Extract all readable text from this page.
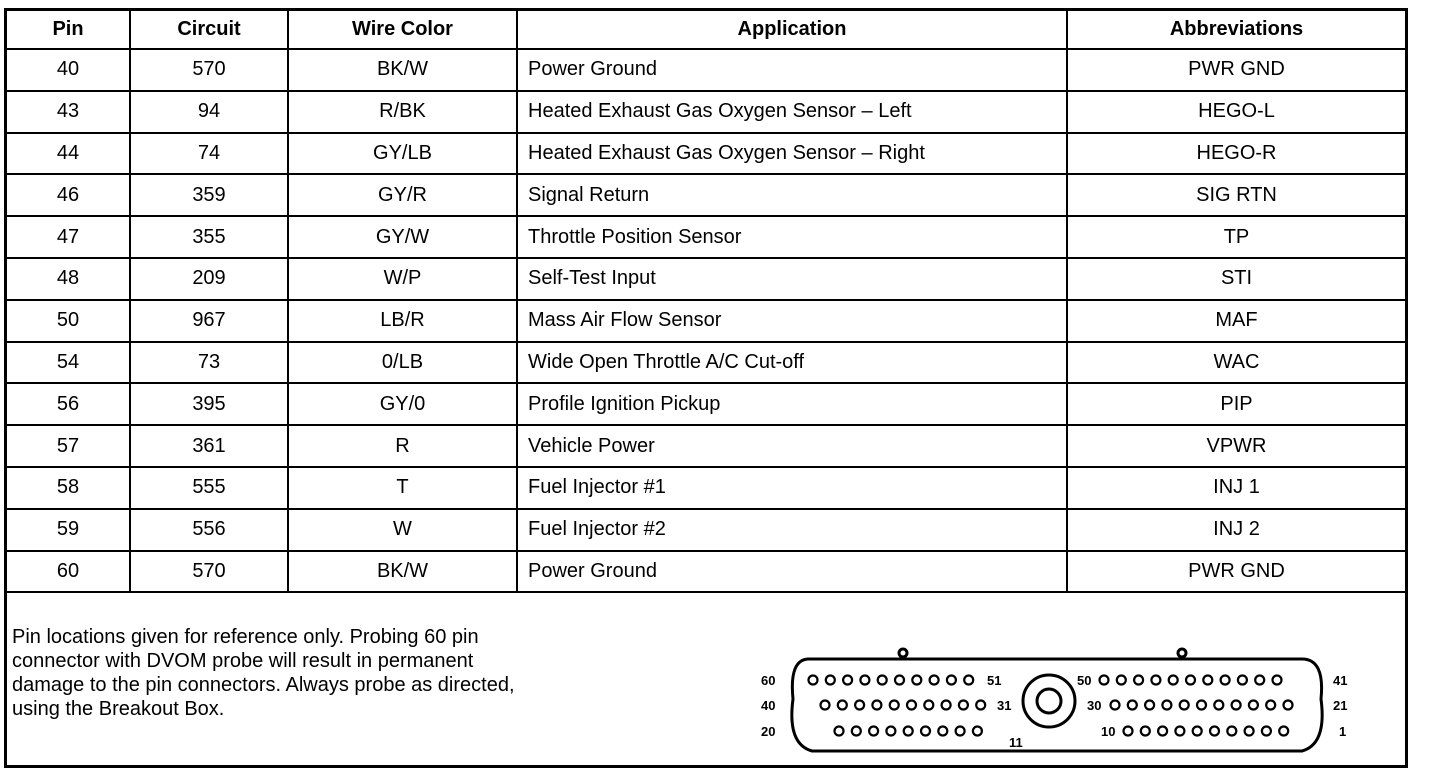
Pin	Circuit	Wire Color	Application	Abbreviations
40	570	BK/W	Power Ground	PWR GND
43	94	R/BK	Heated Exhaust Gas Oxygen Sensor – Left	HEGO-L
44	74	GY/LB	Heated Exhaust Gas Oxygen Sensor – Right	HEGO-R
46	359	GY/R	Signal Return	SIG RTN
47	355	GY/W	Throttle Position Sensor	TP
48	209	W/P	Self-Test Input	STI
50	967	LB/R	Mass Air Flow Sensor	MAF
54	73	0/LB	Wide Open Throttle A/C Cut-off	WAC
56	395	GY/0	Profile Ignition Pickup	PIP
57	361	R	Vehicle Power	VPWR
58	555	T	Fuel Injector #1	INJ 1
59	556	W	Fuel Injector #2	INJ 2
60	570	BK/W	Power Ground	PWR GND
Pin locations given for reference only. Probing 60 pin
connector with DVOM probe will result in permanent
damage to the pin connectors. Always probe as directed,
using the Breakout Box.
60
40
20
41
21
1
51
31
11
50
30
10
